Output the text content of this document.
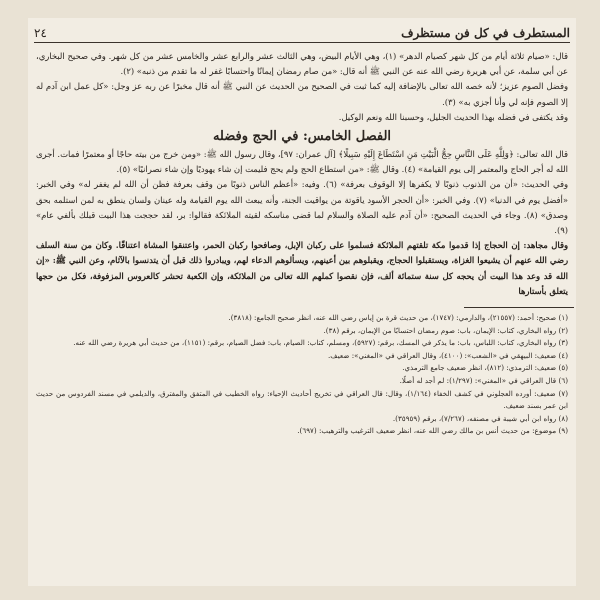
المستطرف في كل فن مستظرف
٢٤

قال: «صيام ثلاثة أيام من كل شهر كصيام الدهر» (١)، وهي الأيام البيض، وهي الثالث عشر والرابع عشر والخامس عشر من كل شهر. وفي صحيح البخاري، عن أبي سلمة، عن أبي هريرة رضي الله عنه عن النبي ﷺ أنه قال: «من صام رمضان إيمانًا واحتسابًا غفر له ما تقدم من ذنبه» (٢).

وفضل الصوم عزيز؛ لأنه خصه الله تعالى بالإضافة إليه كما ثبت في الصحيح من الحديث عن النبي ﷺ أنه قال مخبرًا عن ربه عز وجل: «كل عمل ابن آدم له إلا الصوم فإنه لي وأنا أجزي به» (٣).

وقد يكتفى في فضله بهذا الحديث الجليل، وحسبنا الله ونعم الوكيل.

الفصل الخامس: في الحج وفضله

قال الله تعالى: ﴿وَلِلَّهِ عَلَى النَّاسِ حِجُّ الْبَيْتِ مَنِ اسْتَطَاعَ إِلَيْهِ سَبِيلًا﴾ [آل عمران: ٩٧]، وقال رسول الله ﷺ: «ومن خرج من بيته حاجًا أو معتمرًا فمات. أجرى الله له أجر الحاج والمعتمر إلى يوم القيامة» (٤). وقال ﷺ: «من استطاع الحج ولم يحج فليمت إن شاء يهوديًا وإن شاء نصرانيًا» (٥).

وفي الحديث: «أن من الذنوب ذنوبًا لا يكفرها إلا الوقوف بعرفة» (٦). وفيه: «أعظم الناس ذنوبًا من وقف بعرفة فظن أن الله لم يغفر له» وفي الخبر: «أفضل يوم في الدنيا» (٧). وفي الخبر: «أن الحجر الأسود ياقوتة من يواقيت الجنة، وأنه يبعث الله يوم القيامة وله عينان ولسان ينطق به لمن استلمه بحق وصدق» (٨). وجاء في الحديث الصحيح: «أن آدم عليه الصلاة والسلام لما قضى مناسكه لقيته الملائكة فقالوا: بر، لقد حججت هذا البيت قبلك بألفي عام» (٩).

وقال مجاهد: إن الحجاج إذا قدموا مكة تلقتهم الملائكة فسلموا على ركبان الإبل، وصافحوا ركبان الحمر، واعتنقوا المشاة اعتناقًا. وكان من سنة السلف رضي الله عنهم أن يشيعوا الغزاة، ويستقبلوا الحجاج، ويقبلوهم بين أعينهم، ويسألوهم الدعاء لهم، ويبادروا ذلك قبل أن يتدنسوا بالآثام، وعن النبي ﷺ: «إن الله قد وعد هذا البيت أن يحجه كل سنة ستمائة ألف، فإن نقصوا كملهم الله تعالى من الملائكة، وإن الكعبة تحشر كالعروس المزفوفة، فكل من حجها يتعلق بأستارها

(١) صحيح: أحمد: (٢١٥٥٧)، والدارمي: (١٧٤٧)، من حديث قرة بن إياس رضي الله عنه، انظر صحيح الجامع: (٣٨١٨).

(٢) رواه البخاري، كتاب: الإيمان، باب: صوم رمضان احتسابًا من الإيمان، برقم (٣٨).

(٣) رواه البخاري، كتاب: اللباس، باب: ما يذكر في المسك، برقم: (٥٩٢٧)، ومسلم، كتاب: الصيام، باب: فضل الصيام، برقم: (١١٥١)، من حديث أبي هريرة رضي الله عنه.

(٤) ضعيف: البيهقي في «الشعب»: (٤١٠٠)، وقال العراقي في «المغني»: ضعيف.

(٥) ضعيف: الترمذي: (٨١٢)، انظر ضعيف جامع الترمذي.

(٦) قال العراقي في «المغني»: (١/٢٩٧): لم أجد له أصلًا.

(٧) ضعيف: أورده العجلوني في كشف الخفاء (١/١٦٤)، وقال: قال العراقي في تخريج أحاديث الإحياء: رواه الخطيب في المتفق والمفترق، والديلمي في مسند الفردوس من حديث ابن عمر بسند ضعيف.

(٨) رواه ابن أبي شيبة في مصنفه، (٧/٢٦٧)، برقم (٣٥٩٥٩).

(٩) موضوع: من حديث أنس بن مالك رضي الله عنه، انظر ضعيف الترغيب والترهيب: (٦٩٧).
